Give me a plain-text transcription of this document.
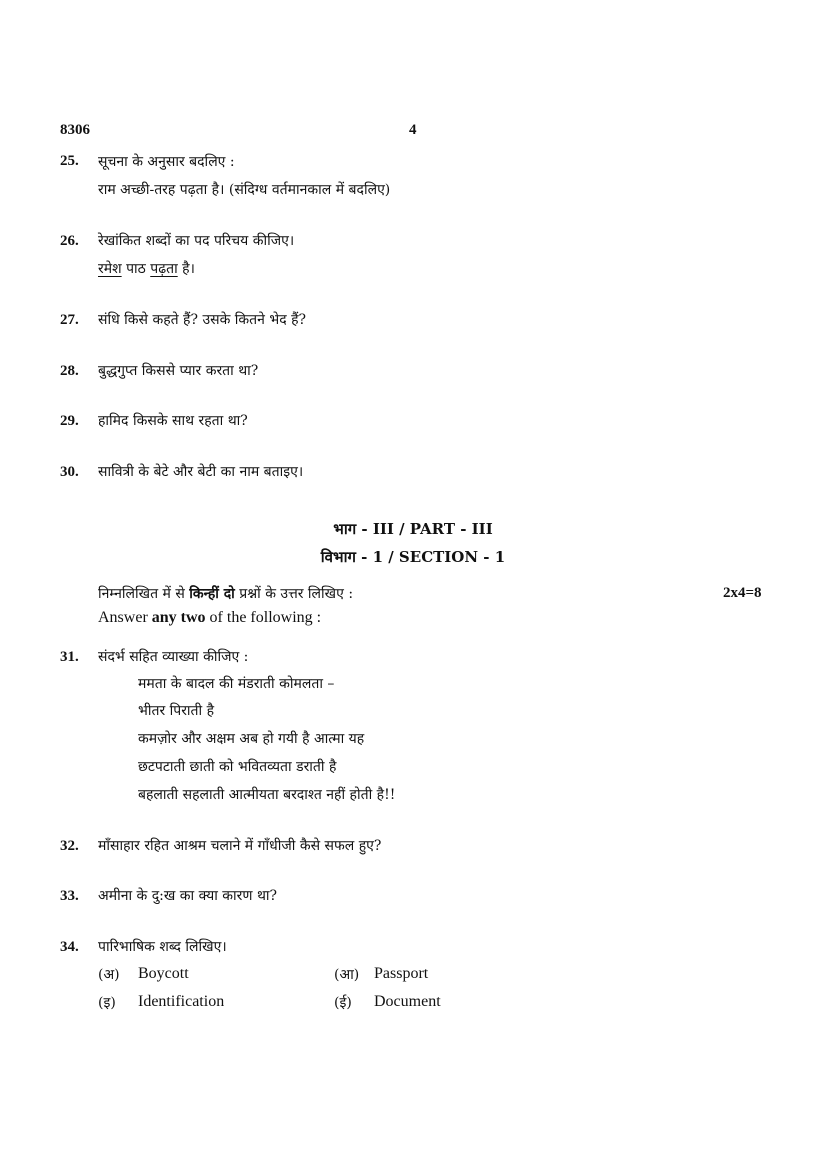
8306	4
25. सूचना के अनुसार बदलिए :
राम अच्छी-तरह पढ़ता है। (संदिग्ध वर्तमानकाल में बदलिए)
26. रेखांकित शब्दों का पद परिचय कीजिए।
रमेश पाठ पढ़ता है।
27. संधि किसे कहते हैं? उसके कितने भेद हैं?
28. बुद्धगुप्त किससे प्यार करता था?
29. हामिद किसके साथ रहता था?
30. सावित्री के बेटे और बेटी का नाम बताइए।
भाग - III / PART - III
विभाग - 1 / SECTION - 1
निम्नलिखित में से किन्हीं दो प्रश्नों के उत्तर लिखिए :	2x4=8
Answer any two of the following :
31. संदर्भ सहित व्याख्या कीजिए :
ममता के बादल की मंडराती कोमलता –
भीतर पिराती है
कमज़ोर और अक्षम अब हो गयी है आत्मा यह
छटपटाती छाती को भवितव्यता डराती है
बहलाती सहलाती आत्मीयता बरदाश्त नहीं होती है!!
32. माँसाहार रहित आश्रम चलाने में गाँधीजी कैसे सफल हुए?
33. अमीना के दु:ख का क्या कारण था?
34. पारिभाषिक शब्द लिखिए।
(अ) Boycott	(आ) Passport
(इ) Identification	(ई) Document
